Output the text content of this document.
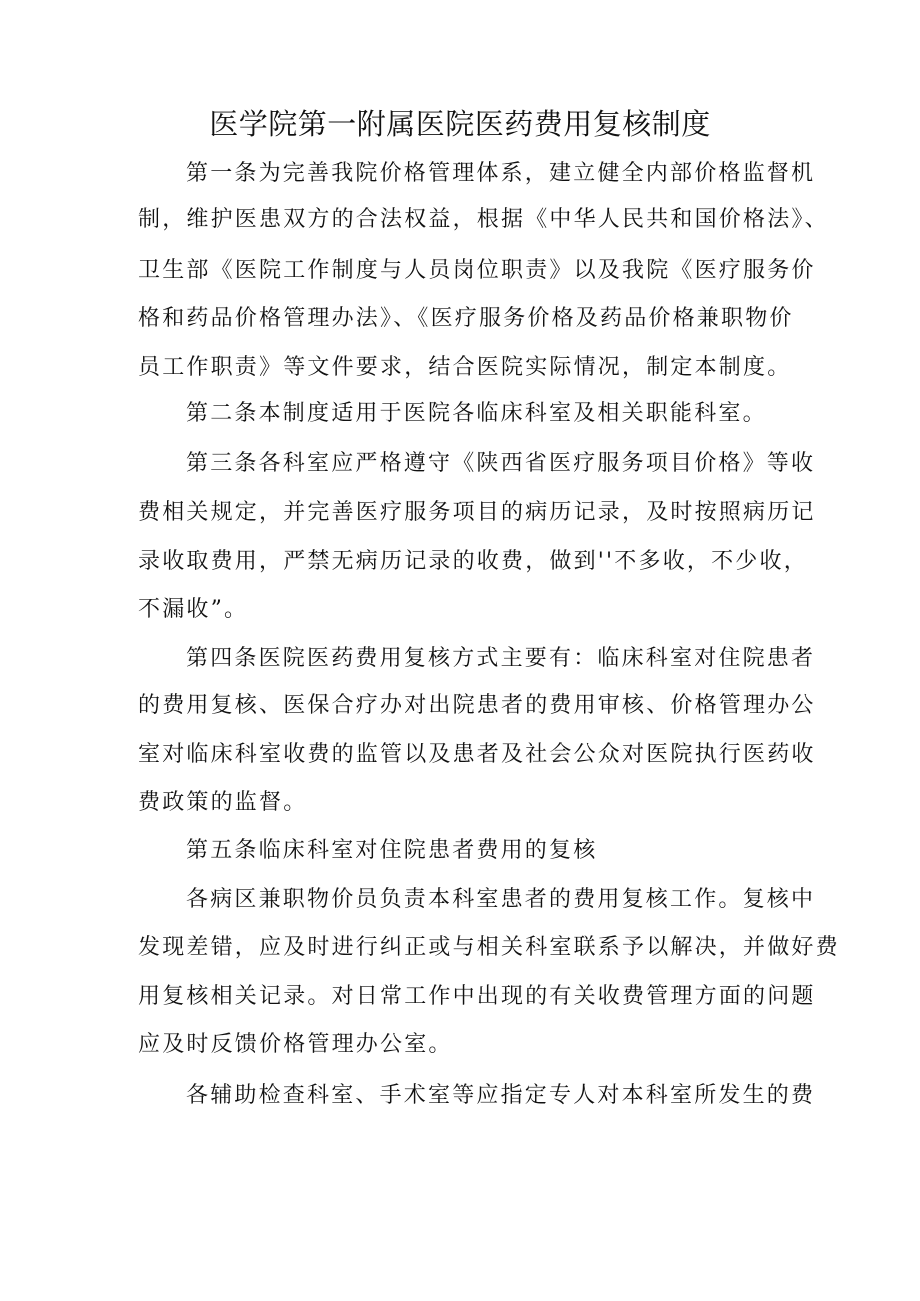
医学院第一附属医院医药费用复核制度
第一条为完善我院价格管理体系，建立健全内部价格监督机
制，维护医患双方的合法权益，根据《中华人民共和国价格法》、
卫生部《医院工作制度与人员岗位职责》以及我院《医疗服务价
格和药品价格管理办法》、《医疗服务价格及药品价格兼职物价
员工作职责》等文件要求，结合医院实际情况，制定本制度。
第二条本制度适用于医院各临床科室及相关职能科室。
第三条各科室应严格遵守《陕西省医疗服务项目价格》等收
费相关规定，并完善医疗服务项目的病历记录，及时按照病历记
录收取费用，严禁无病历记录的收费，做到''不多收，不少收，
不漏收”。
第四条医院医药费用复核方式主要有：临床科室对住院患者
的费用复核、医保合疗办对出院患者的费用审核、价格管理办公
室对临床科室收费的监管以及患者及社会公众对医院执行医药收
费政策的监督。
第五条临床科室对住院患者费用的复核
各病区兼职物价员负责本科室患者的费用复核工作。复核中
发现差错，应及时进行纠正或与相关科室联系予以解决，并做好费
用复核相关记录。对日常工作中出现的有关收费管理方面的问题
应及时反馈价格管理办公室。
各辅助检查科室、手术室等应指定专人对本科室所发生的费
